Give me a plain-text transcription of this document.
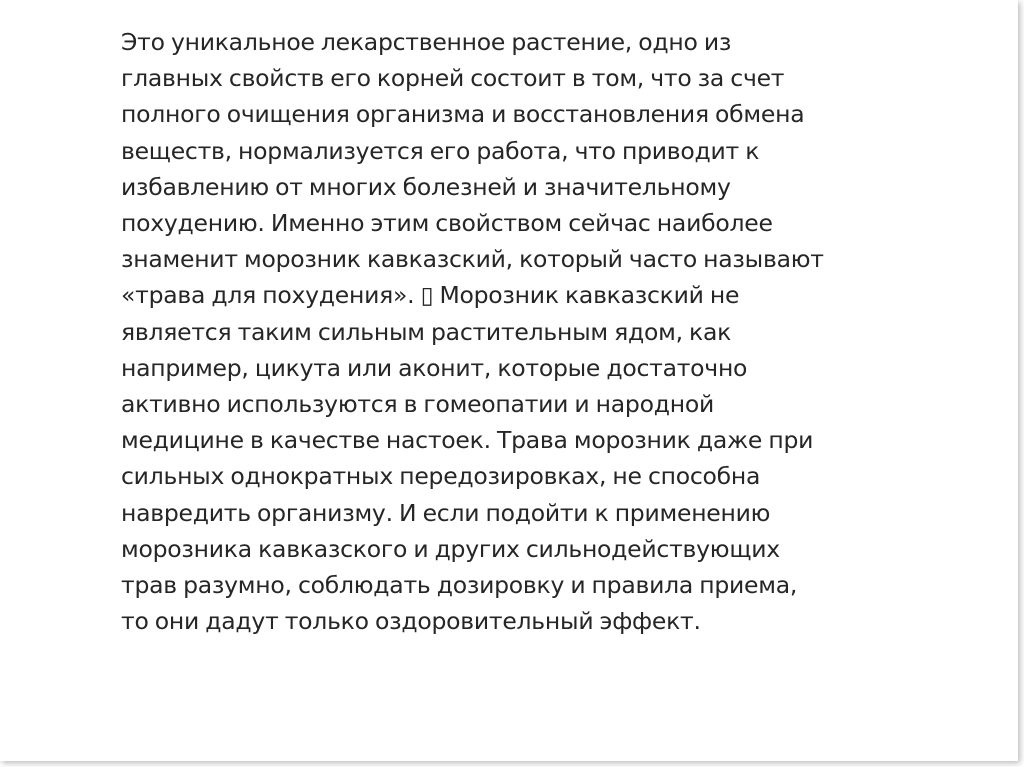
Это уникальное лекарственное растение, одно из
главных свойств его корней состоит в том, что за счет
полного очищения организма и восстановления обмена
веществ, нормализуется его работа, что приводит к
избавлению от многих болезней и значительному
похудению. Именно этим свойством сейчас наиболее
знаменит морозник кавказский, который часто называют
«трава для похудения». ▯ Морозник кавказский не
является таким сильным растительным ядом, как
например, цикута или аконит, которые достаточно
активно используются в гомеопатии и народной
медицине в качестве настоек. Трава морозник даже при
сильных однократных передозировках, не способна
навредить организму. И если подойти к применению
морозника кавказского и других сильнодействующих
трав разумно, соблюдать дозировку и правила приема,
то они дадут только оздоровительный эффект.
